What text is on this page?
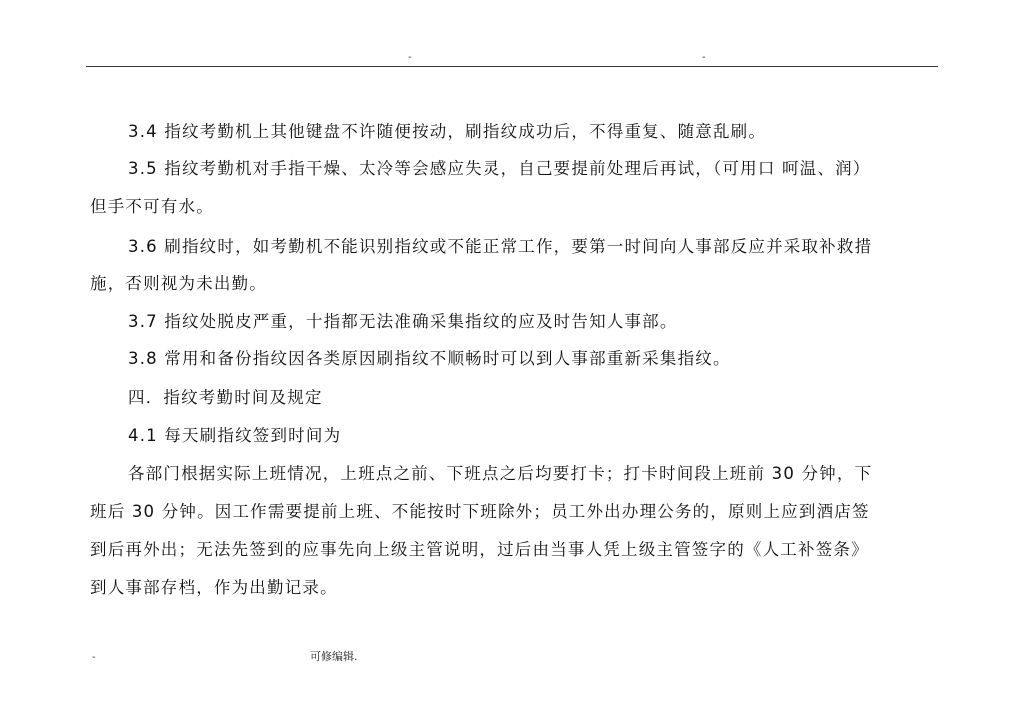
-	-
3.4 指纹考勤机上其他键盘不许随便按动，刷指纹成功后，不得重复、随意乱刷。
3.5 指纹考勤机对手指干燥、太冷等会感应失灵，自己要提前处理后再试，（可用口 呵温、润）
但手不可有水。
3.6 刷指纹时，如考勤机不能识别指纹或不能正常工作，要第一时间向人事部反应并采取补救措
施，否则视为未出勤。
3.7 指纹处脱皮严重，十指都无法准确采集指纹的应及时告知人事部。
3.8 常用和备份指纹因各类原因刷指纹不顺畅时可以到人事部重新采集指纹。
四．指纹考勤时间及规定
4.1 每天刷指纹签到时间为
各部门根据实际上班情况，上班点之前、下班点之后均要打卡；打卡时间段上班前 30 分钟，下
班后 30 分钟。因工作需要提前上班、不能按时下班除外；员工外出办理公务的，原则上应到酒店签
到后再外出；无法先签到的应事先向上级主管说明，过后由当事人凭上级主管签字的《人工补签条》
到人事部存档，作为出勤记录。
-	可修编辑.
